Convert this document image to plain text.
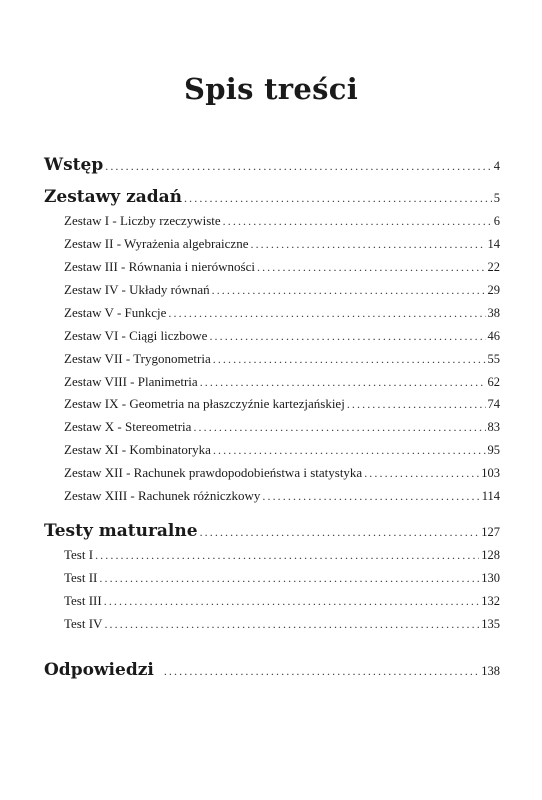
Spis treści
Wstęp .....	4
Zestawy zadań .....	5
Zestaw I - Liczby rzeczywiste .....	6
Zestaw II - Wyrażenia algebraiczne .....	14
Zestaw III - Równania i nierówności .....	22
Zestaw IV - Układy równań .....	29
Zestaw V - Funkcje .....	38
Zestaw VI - Ciągi liczbowe .....	46
Zestaw VII - Trygonometria .....	55
Zestaw VIII - Planimetria .....	62
Zestaw IX - Geometria na płaszczyźnie kartezjańskiej .....	74
Zestaw X - Stereometria .....	83
Zestaw XI - Kombinatoryka .....	95
Zestaw XII - Rachunek prawdopodobieństwa i statystyka .....	103
Zestaw XIII - Rachunek różniczkowy .....	114
Testy maturalne .....	127
Test I .....	128
Test II .....	130
Test III .....	132
Test IV .....	135
Odpowiedzi .....	138
